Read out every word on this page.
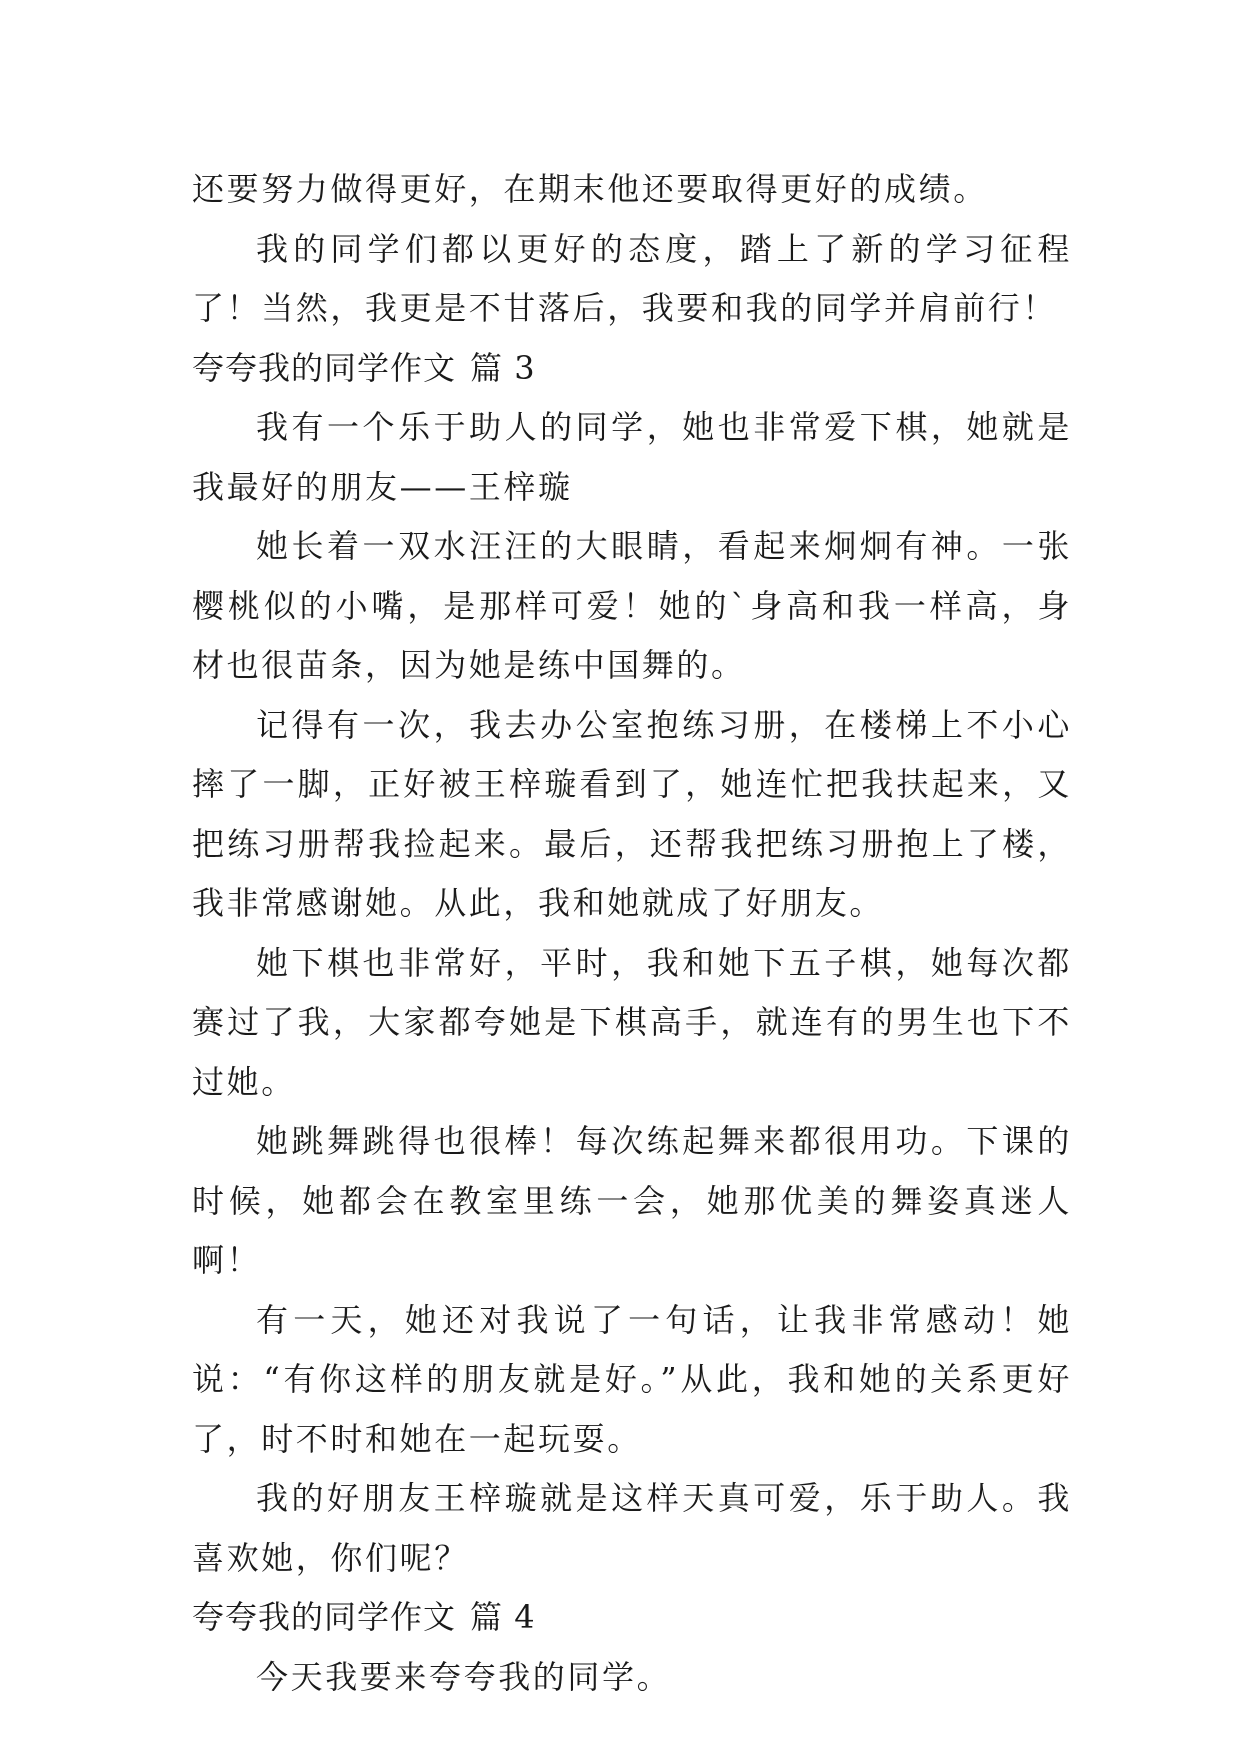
还要努力做得更好，在期末他还要取得更好的成绩。

我的同学们都以更好的态度，踏上了新的学习征程了！当然，我更是不甘落后，我要和我的同学并肩前行！

夸夸我的同学作文 篇 3

我有一个乐于助人的同学，她也非常爱下棋，她就是我最好的朋友——王梓璇

她长着一双水汪汪的大眼睛，看起来炯炯有神。一张樱桃似的小嘴，是那样可爱！她的`身高和我一样高，身材也很苗条，因为她是练中国舞的。

记得有一次，我去办公室抱练习册，在楼梯上不小心摔了一脚，正好被王梓璇看到了，她连忙把我扶起来，又把练习册帮我捡起来。最后，还帮我把练习册抱上了楼，我非常感谢她。从此，我和她就成了好朋友。

她下棋也非常好，平时，我和她下五子棋，她每次都赛过了我，大家都夸她是下棋高手，就连有的男生也下不过她。

她跳舞跳得也很棒！每次练起舞来都很用功。下课的时候，她都会在教室里练一会，她那优美的舞姿真迷人啊！

有一天，她还对我说了一句话，让我非常感动！她说：“有你这样的朋友就是好。”从此，我和她的关系更好了，时不时和她在一起玩耍。

我的好朋友王梓璇就是这样天真可爱，乐于助人。我喜欢她，你们呢？

夸夸我的同学作文 篇 4

今天我要来夸夸我的同学。
